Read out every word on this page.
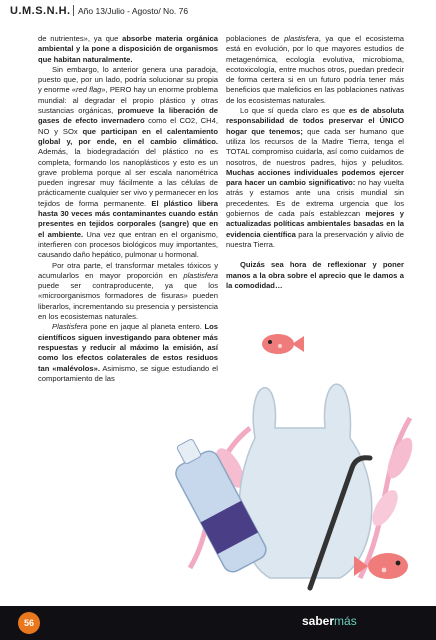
U.M.S.N.H. Año 13/Julio - Agosto/ No. 76

de nutrientes», ya que absorbe materia orgánica ambiental y la pone a disposición de organismos que habitan naturalmente.

Sin embargo, lo anterior genera una paradoja, puesto que, por un lado, podría solucionar su propia y enorme «red flag», PERO hay un enorme problema mundial: al degradar el propio plástico y otras sustancias orgánicas, promueve la liberación de gases de efecto invernadero como el CO2, CH4, NO y SOx que participan en el calentamiento global y, por ende, en el cambio climático. Además, la biodegradación del plástico no es completa, formando los nanoplásticos y esto es un grave problema porque al ser escala nanométrica pueden ingresar muy fácilmente a las células de prácticamente cualquier ser vivo y permanecer en los tejidos de forma permanente. El plástico libera hasta 30 veces más contaminantes cuando están presentes en tejidos corporales (sangre) que en el ambiente. Una vez que entran en el organismo, interfieren con procesos biológicos muy importantes, causando daño hepático, pulmonar u hormonal.

Por otra parte, el transformar metales tóxicos y acumularlos en mayor proporción en plastisfera puede ser contraproducente, ya que los «microorganismos formadores de fisuras» pueden liberarlos, incrementando su presencia y persistencia en los ecosistemas naturales.

Plastisfera pone en jaque al planeta entero. Los científicos siguen investigando para obtener más respuestas y reducir al máximo la emisión, así como los efectos colaterales de estos residuos tan «malévolos». Asimismo, se sigue estudiando el comportamiento de las

poblaciones de plastisfera, ya que el ecosistema está en evolución, por lo que mayores estudios de metagenómica, ecología evolutiva, microbioma, ecotoxicología, entre muchos otros, puedan predecir de forma certera si en un futuro podría tener más beneficios que maleficios en las poblaciones nativas de los ecosistemas naturales.

Lo que sí queda claro es que es de absoluta responsabilidad de todos preservar el ÚNICO hogar que tenemos; que cada ser humano que utiliza los recursos de la Madre Tierra, tenga el TOTAL compromiso cuidarla, así como cuidamos de nosotros, de nuestros padres, hijos y peluditos. Muchas acciones individuales podemos ejercer para hacer un cambio significativo: no hay vuelta atrás y estamos ante una crisis mundial sin precedentes. Es de extrema urgencia que los gobiernos de cada país establezcan mejores y actualizadas políticas ambientales basadas en la evidencia científica para la preservación y alivio de nuestra Tierra.

Quizás sea hora de reflexionar y poner manos a la obra sobre el aprecio que le damos a la comodidad…

56	sabermás
